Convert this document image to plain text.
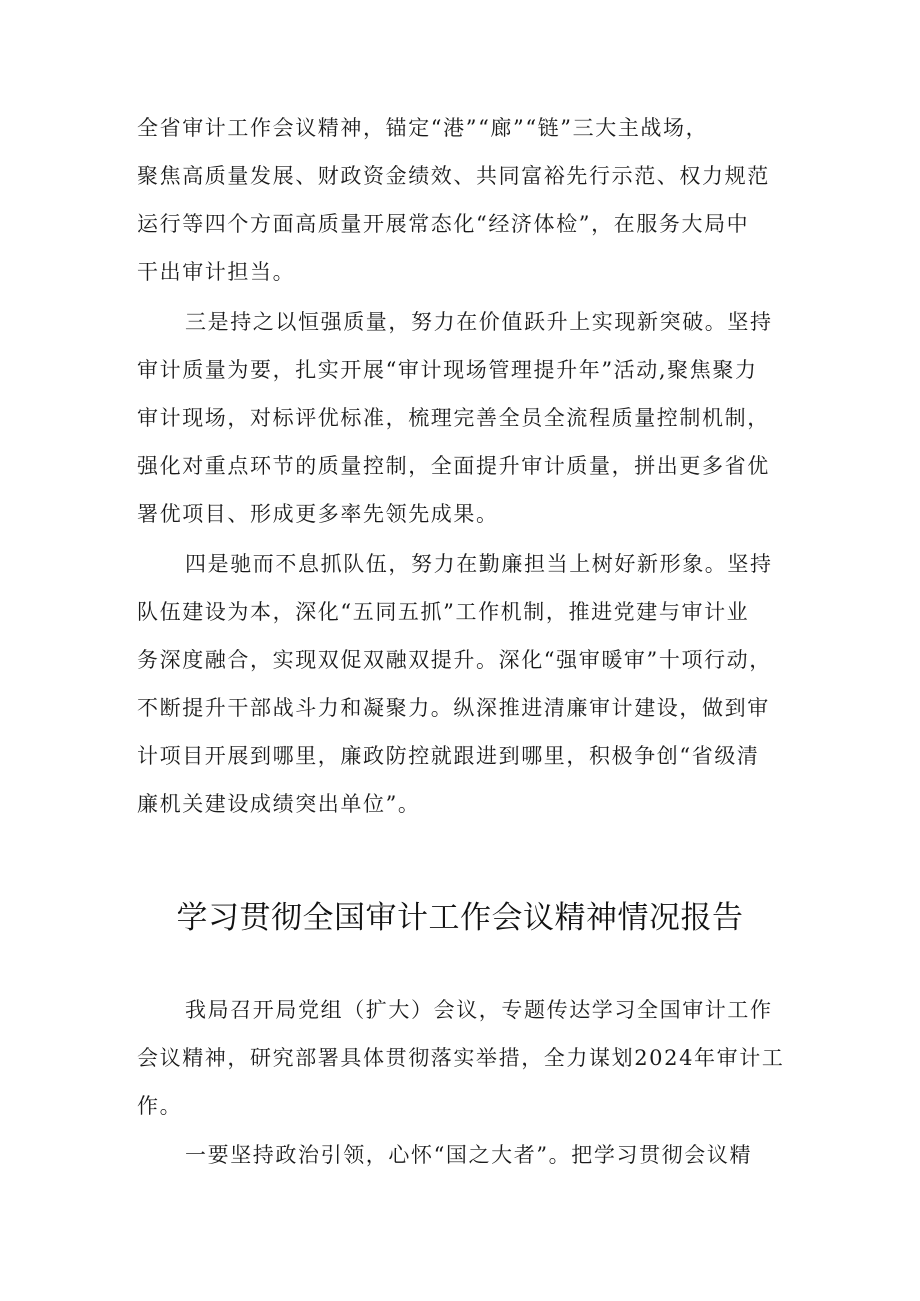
全省审计工作会议精神，锚定“港”“廊”“链”三大主战场，
聚焦高质量发展、财政资金绩效、共同富裕先行示范、权力规范
运行等四个方面高质量开展常态化“经济体检”，在服务大局中
干出审计担当。
三是持之以恒强质量，努力在价值跃升上实现新突破。坚持
审计质量为要，扎实开展“审计现场管理提升年”活动,聚焦聚力
审计现场，对标评优标准，梳理完善全员全流程质量控制机制，
强化对重点环节的质量控制，全面提升审计质量，拼出更多省优
署优项目、形成更多率先领先成果。
四是驰而不息抓队伍，努力在勤廉担当上树好新形象。坚持
队伍建设为本，深化“五同五抓”工作机制，推进党建与审计业
务深度融合，实现双促双融双提升。深化“强审暖审”十项行动，
不断提升干部战斗力和凝聚力。纵深推进清廉审计建设，做到审
计项目开展到哪里，廉政防控就跟进到哪里，积极争创“省级清
廉机关建设成绩突出单位”。
学习贯彻全国审计工作会议精神情况报告
我局召开局党组（扩大）会议，专题传达学习全国审计工作
会议精神，研究部署具体贯彻落实举措，全力谋划2024年审计工
作。
一要坚持政治引领，心怀“国之大者”。把学习贯彻会议精
